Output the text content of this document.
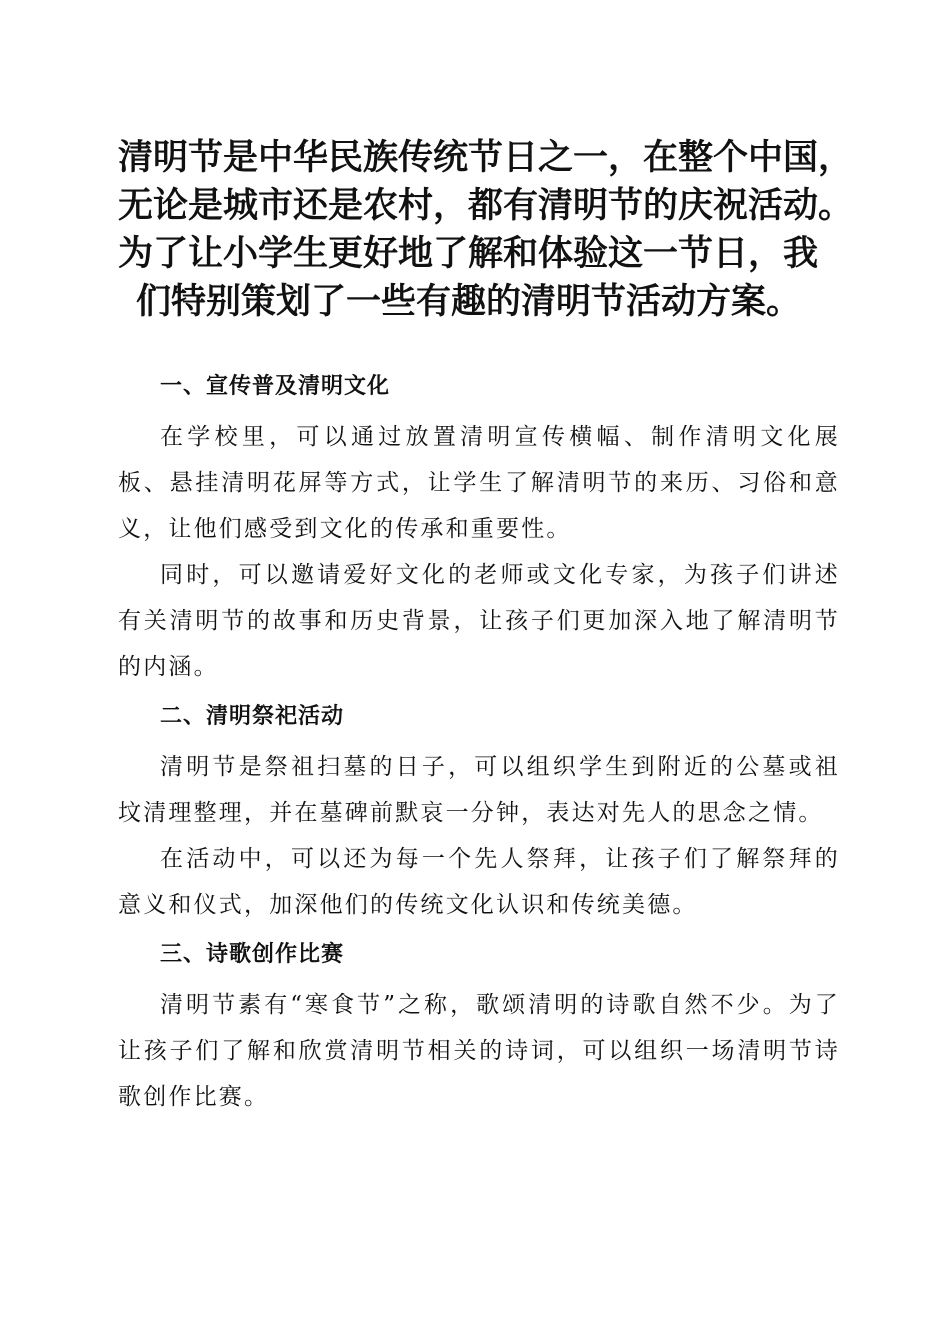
清明节是中华民族传统节日之一，在整个中国，
无论是城市还是农村，都有清明节的庆祝活动。
为了让小学生更好地了解和体验这一节日，我
们特别策划了一些有趣的清明节活动方案。
一、宣传普及清明文化

在学校里，可以通过放置清明宣传横幅、制作清明文化展板、悬挂清明花屏等方式，让学生了解清明节的来历、习俗和意义，让他们感受到文化的传承和重要性。

同时，可以邀请爱好文化的老师或文化专家，为孩子们讲述有关清明节的故事和历史背景，让孩子们更加深入地了解清明节的内涵。

二、清明祭祀活动

清明节是祭祖扫墓的日子，可以组织学生到附近的公墓或祖坟清理整理，并在墓碑前默哀一分钟，表达对先人的思念之情。

在活动中，可以还为每一个先人祭拜，让孩子们了解祭拜的意义和仪式，加深他们的传统文化认识和传统美德。

三、诗歌创作比赛

清明节素有“寒食节”之称，歌颂清明的诗歌自然不少。为了让孩子们了解和欣赏清明节相关的诗词，可以组织一场清明节诗歌创作比赛。
